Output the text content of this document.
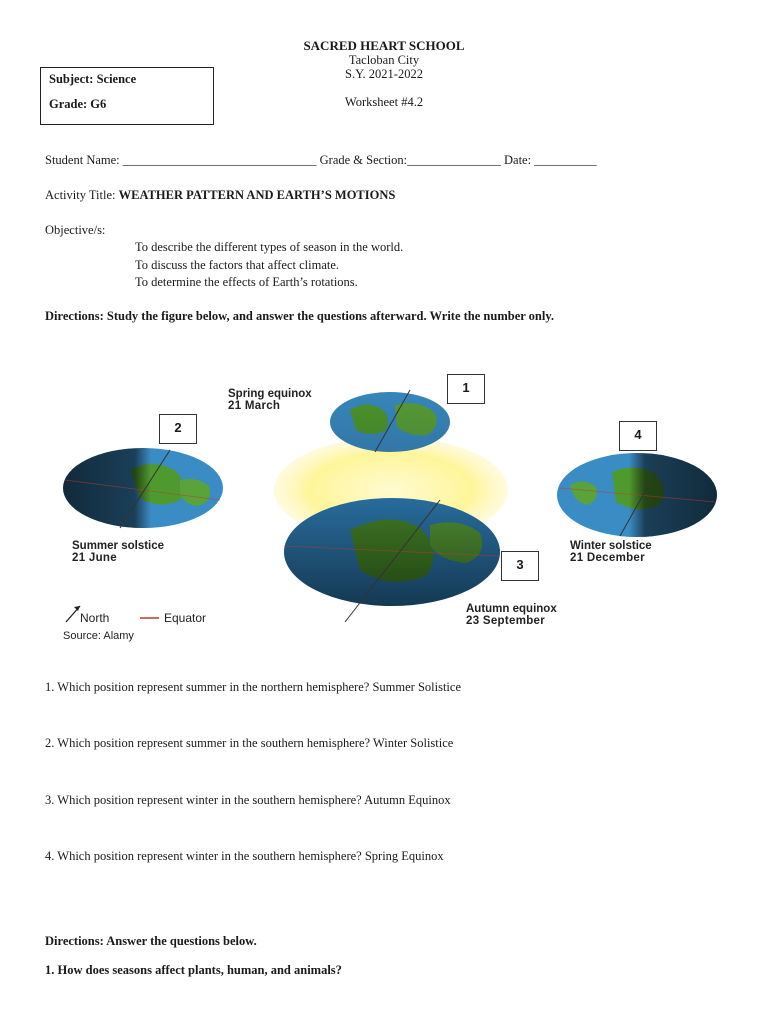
SACRED HEART SCHOOL
Tacloban City
S.Y. 2021-2022
Worksheet #4.2
Subject: Science
Grade: G6
Student Name: _______________________________ Grade & Section:_______________ Date: __________
Activity Title: WEATHER PATTERN AND EARTH’S MOTIONS
Objective/s:
To describe the different types of season in the world.
To discuss the factors that affect climate.
To determine the effects of Earth’s rotations.
Directions: Study the figure below, and answer the questions afterward. Write the number only.
Spring equinox
21 March
Summer solstice
21 June
Winter solstice
21 December
Autumn equinox
23 September
North	Equator
Source: Alamy
1
2
3
4
1. Which position represent summer in the northern hemisphere? Summer Solistice
2. Which position represent summer in the southern hemisphere? Winter Solistice
3. Which position represent winter in the southern hemisphere? Autumn Equinox
4. Which position represent winter in the southern hemisphere? Spring Equinox
Directions: Answer the questions below.
1. How does seasons affect plants, human, and animals?
